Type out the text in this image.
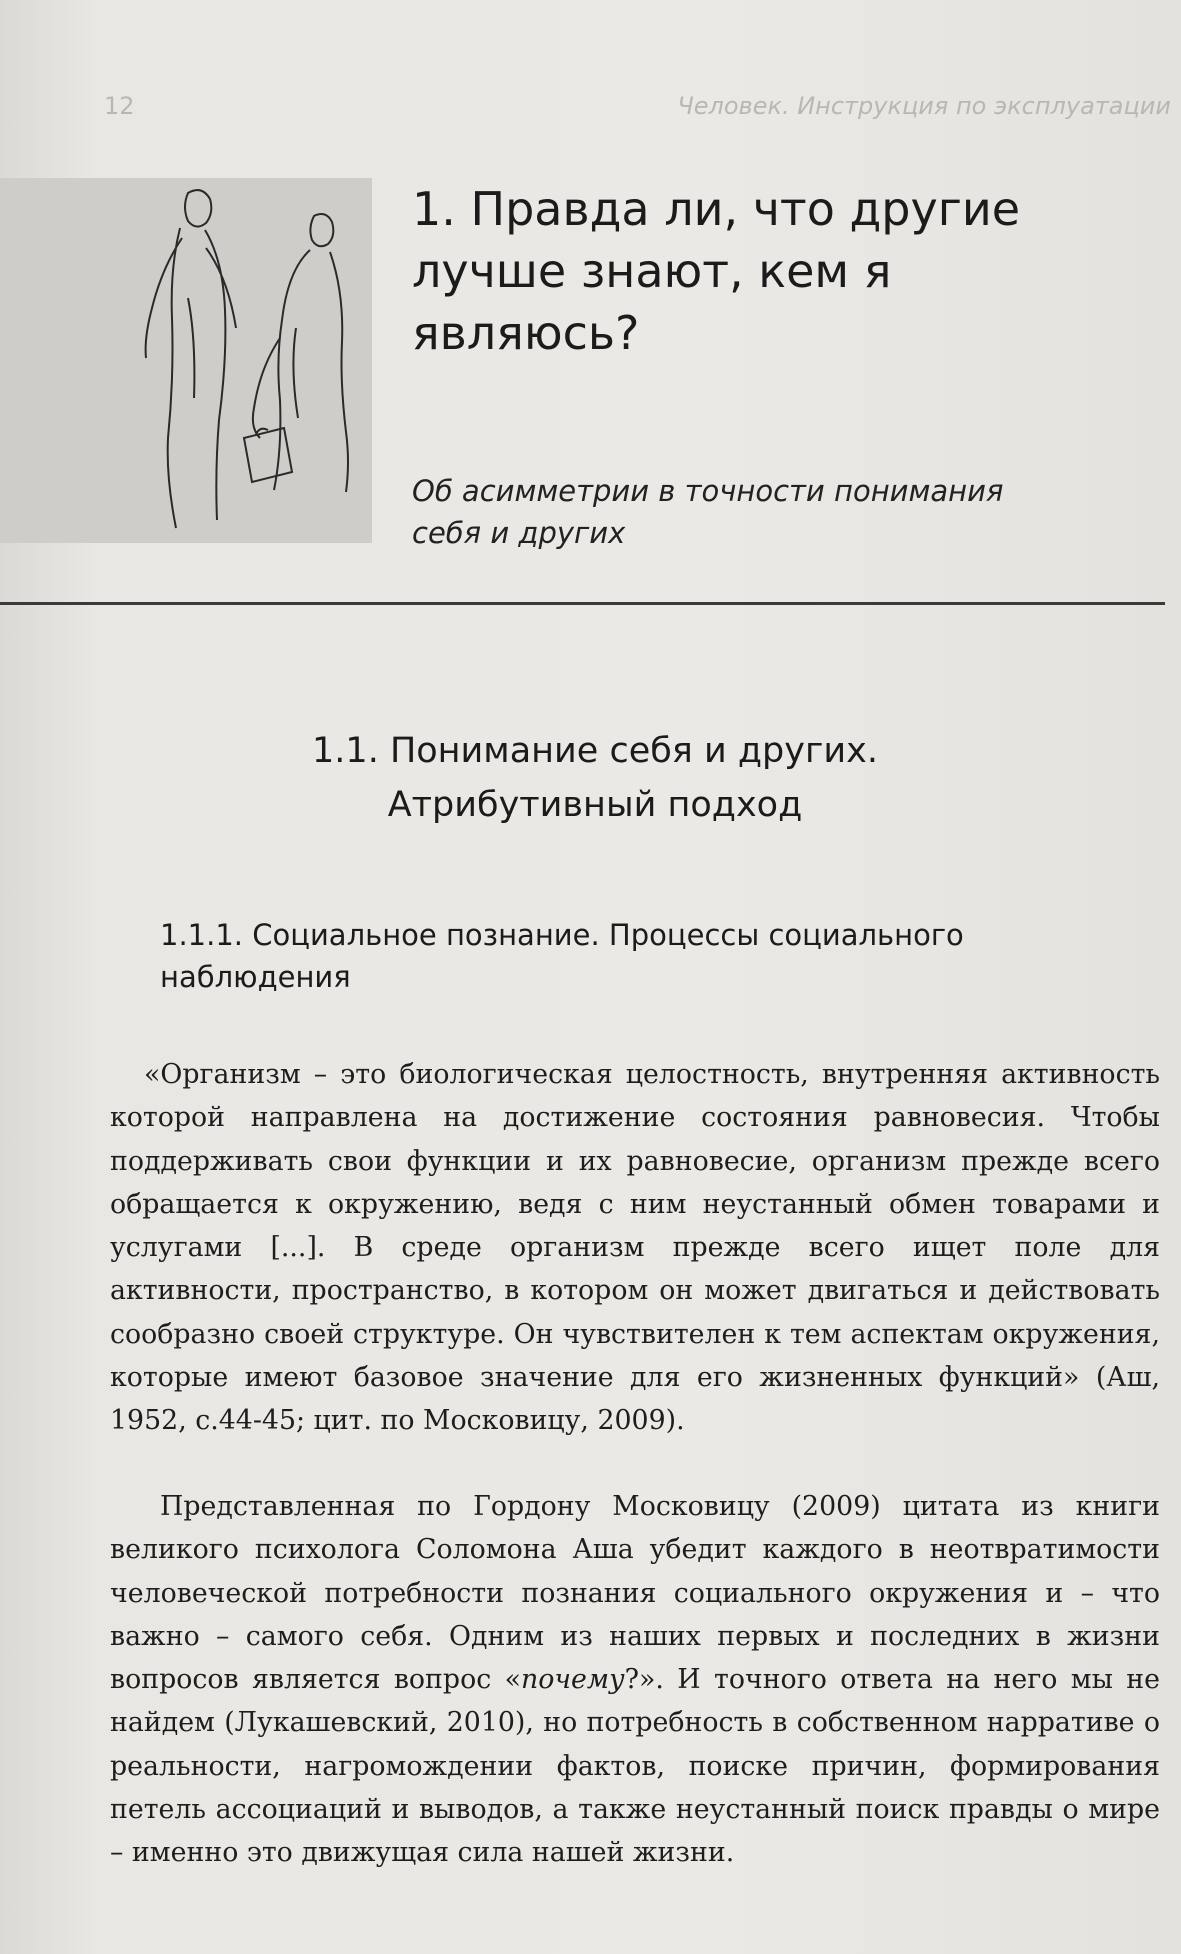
12	Человек. Инструкция по эксплуатации
1. Правда ли, что другие
лучше знают, кем я
являюсь?

Об асимметрии в точности понимания
себя и других

1.1. Понимание себя и других.
Атрибутивный подход
1.1.1. Социальное познание. Процессы социального
наблюдения

«Организм – это биологическая целостность, внутренняя активность которой направлена на достижение состояния равновесия. Чтобы поддерживать свои функции и их равновесие, организм прежде всего обращается к окружению, ведя с ним неустанный обмен товарами и услугами [...]. В среде организм прежде всего ищет поле для активности, пространство, в котором он может двигаться и действовать сообразно своей структуре. Он чувствителен к тем аспектам окружения, которые имеют базовое значение для его жизненных функций» (Аш, 1952, с.44-45; цит. по Московицу, 2009).

Представленная по Гордону Московицу (2009) цитата из книги великого психолога Соломона Аша убедит каждого в неотвратимости человеческой потребности познания социального окружения и – что важно – самого себя. Одним из наших первых и последних в жизни вопросов является вопрос «почему?». И точного ответа на него мы не найдем (Лукашевский, 2010), но потребность в собственном нарративе о реальности, нагромождении фактов, поиске причин, формирования петель ассоциаций и выводов, а также неустанный поиск правды о мире – именно это движущая сила нашей жизни.
